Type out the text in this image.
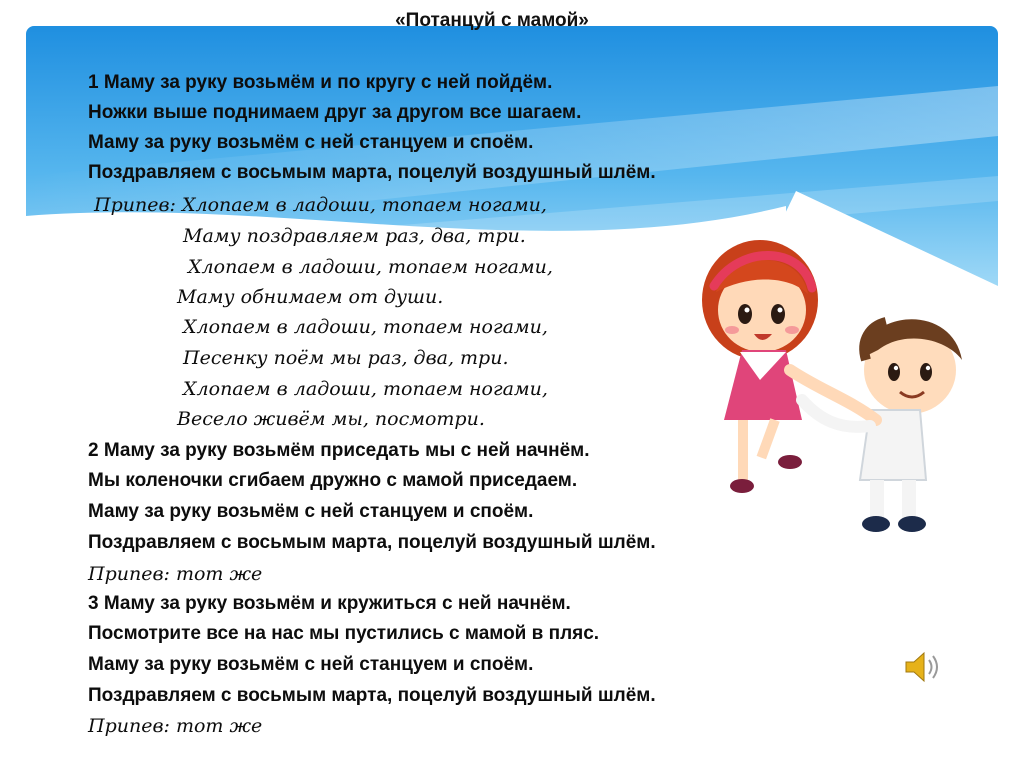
«Потанцуй с мамой»
1 Маму за руку возьмём и по кругу с ней пойдём.
Ножки выше поднимаем друг за другом все шагаем.
Маму за руку возьмём с ней станцуем и споём.
Поздравляем с восьмым марта, поцелуй воздушный шлём.
Припев: Хлопаем в ладоши, топаем ногами,
Маму поздравляем раз, два, три.
Хлопаем в ладоши, топаем ногами,
Маму обнимаем от души.
Хлопаем в ладоши, топаем ногами,
Песенку поём мы раз, два, три.
Хлопаем в ладоши, топаем ногами,
Весело живём мы, посмотри.
2 Маму за руку возьмём приседать мы с ней начнём.
Мы коленочки сгибаем дружно с мамой приседаем.
Маму за руку возьмём с ней станцуем и споём.
Поздравляем с восьмым марта, поцелуй воздушный шлём.
Припев: тот же
3 Маму за руку возьмём и кружиться с ней начнём.
Посмотрите все на нас мы пустились с мамой в пляс.
Маму за руку возьмём с ней станцуем и споём.
Поздравляем с восьмым марта, поцелуй воздушный шлём.
Припев: тот же
